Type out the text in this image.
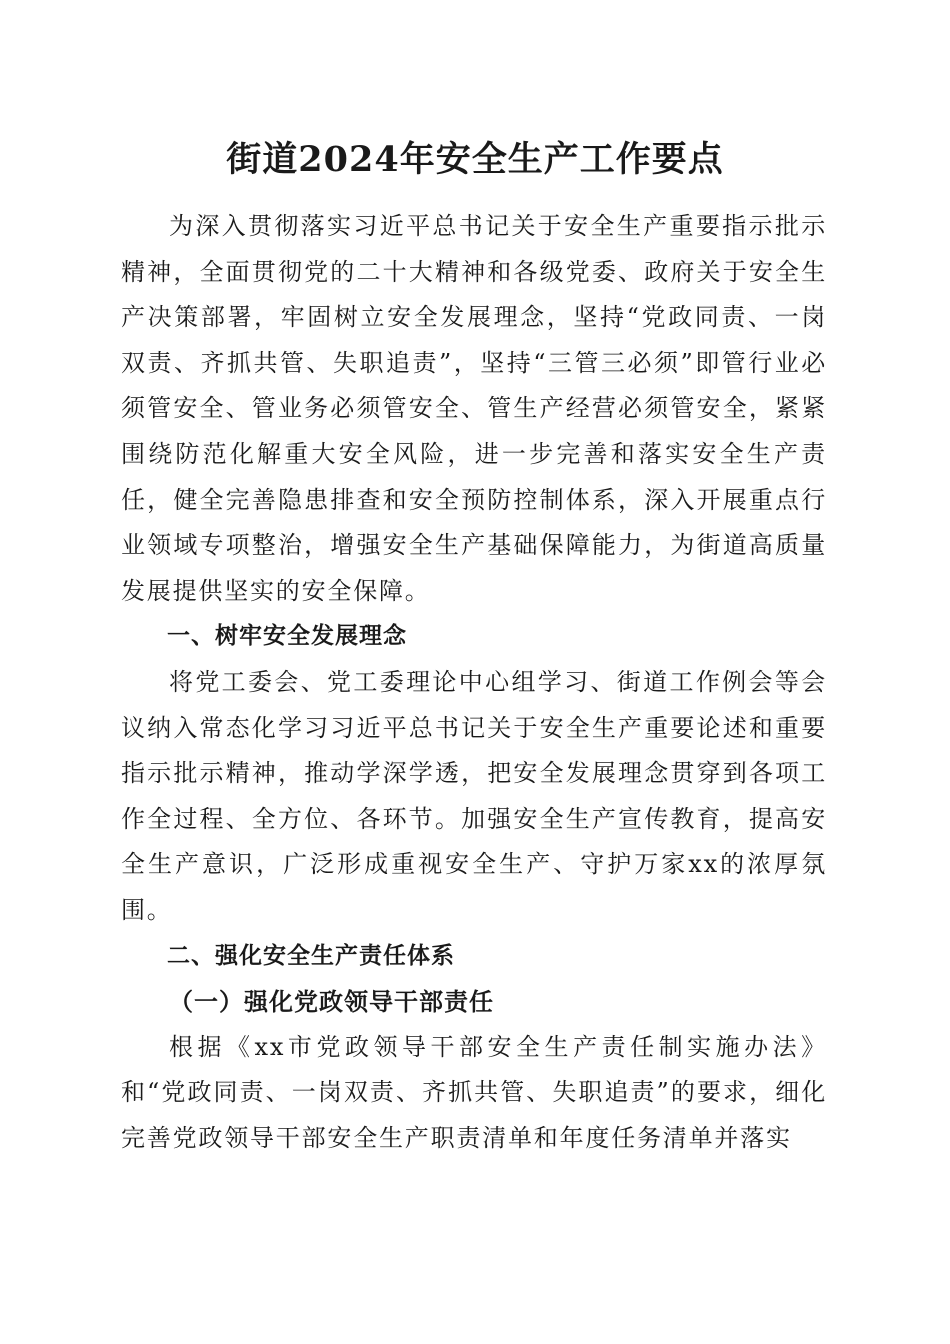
街道2024年安全生产工作要点

为深入贯彻落实习近平总书记关于安全生产重要指示批示精神，全面贯彻党的二十大精神和各级党委、政府关于安全生产决策部署，牢固树立安全发展理念，坚持“党政同责、一岗双责、齐抓共管、失职追责”，坚持“三管三必须”即管行业必须管安全、管业务必须管安全、管生产经营必须管安全，紧紧围绕防范化解重大安全风险，进一步完善和落实安全生产责任，健全完善隐患排查和安全预防控制体系，深入开展重点行业领域专项整治，增强安全生产基础保障能力，为街道高质量发展提供坚实的安全保障。

一、树牢安全发展理念

将党工委会、党工委理论中心组学习、街道工作例会等会议纳入常态化学习习近平总书记关于安全生产重要论述和重要指示批示精神，推动学深学透，把安全发展理念贯穿到各项工作全过程、全方位、各环节。加强安全生产宣传教育，提高安全生产意识，广泛形成重视安全生产、守护万家xx的浓厚氛围。

二、强化安全生产责任体系

（一）强化党政领导干部责任

根据《xx市党政领导干部安全生产责任制实施办法》和“党政同责、一岗双责、齐抓共管、失职追责”的要求，细化完善党政领导干部安全生产职责清单和年度任务清单并落实
